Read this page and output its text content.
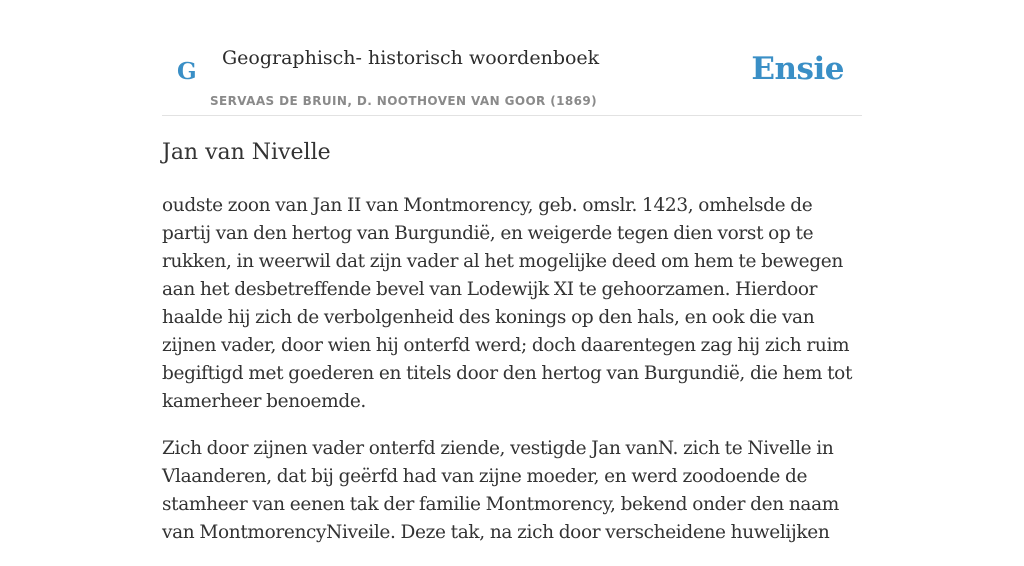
G Geographisch- historisch woordenboek
SERVAAS DE BRUIN, D. NOOTHOVEN VAN GOOR (1869)
Ensie
Jan van Nivelle

oudste zoon van Jan II van Montmorency, geb. omslr. 1423, omhelsde de partij van den hertog van Burgundië, en weigerde tegen dien vorst op te rukken, in weerwil dat zijn vader al het mogelijke deed om hem te bewegen aan het desbetreffende bevel van Lodewijk XI te gehoorzamen. Hierdoor haalde hij zich de verbolgenheid des konings op den hals, en ook die van zijnen vader, door wien hij onterfd werd; doch daarentegen zag hij zich ruim begiftigd met goederen en titels door den hertog van Burgundië, die hem tot kamerheer benoemde.

Zich door zijnen vader onterfd ziende, vestigde Jan vanN. zich te Nivelle in Vlaanderen, dat bij geërfd had van zijne moeder, en werd zoodoende de stamheer van eenen tak der familie Montmorency, bekend onder den naam van MontmorencyNiveile. Deze tak, na zich door verscheidene huwelijken
